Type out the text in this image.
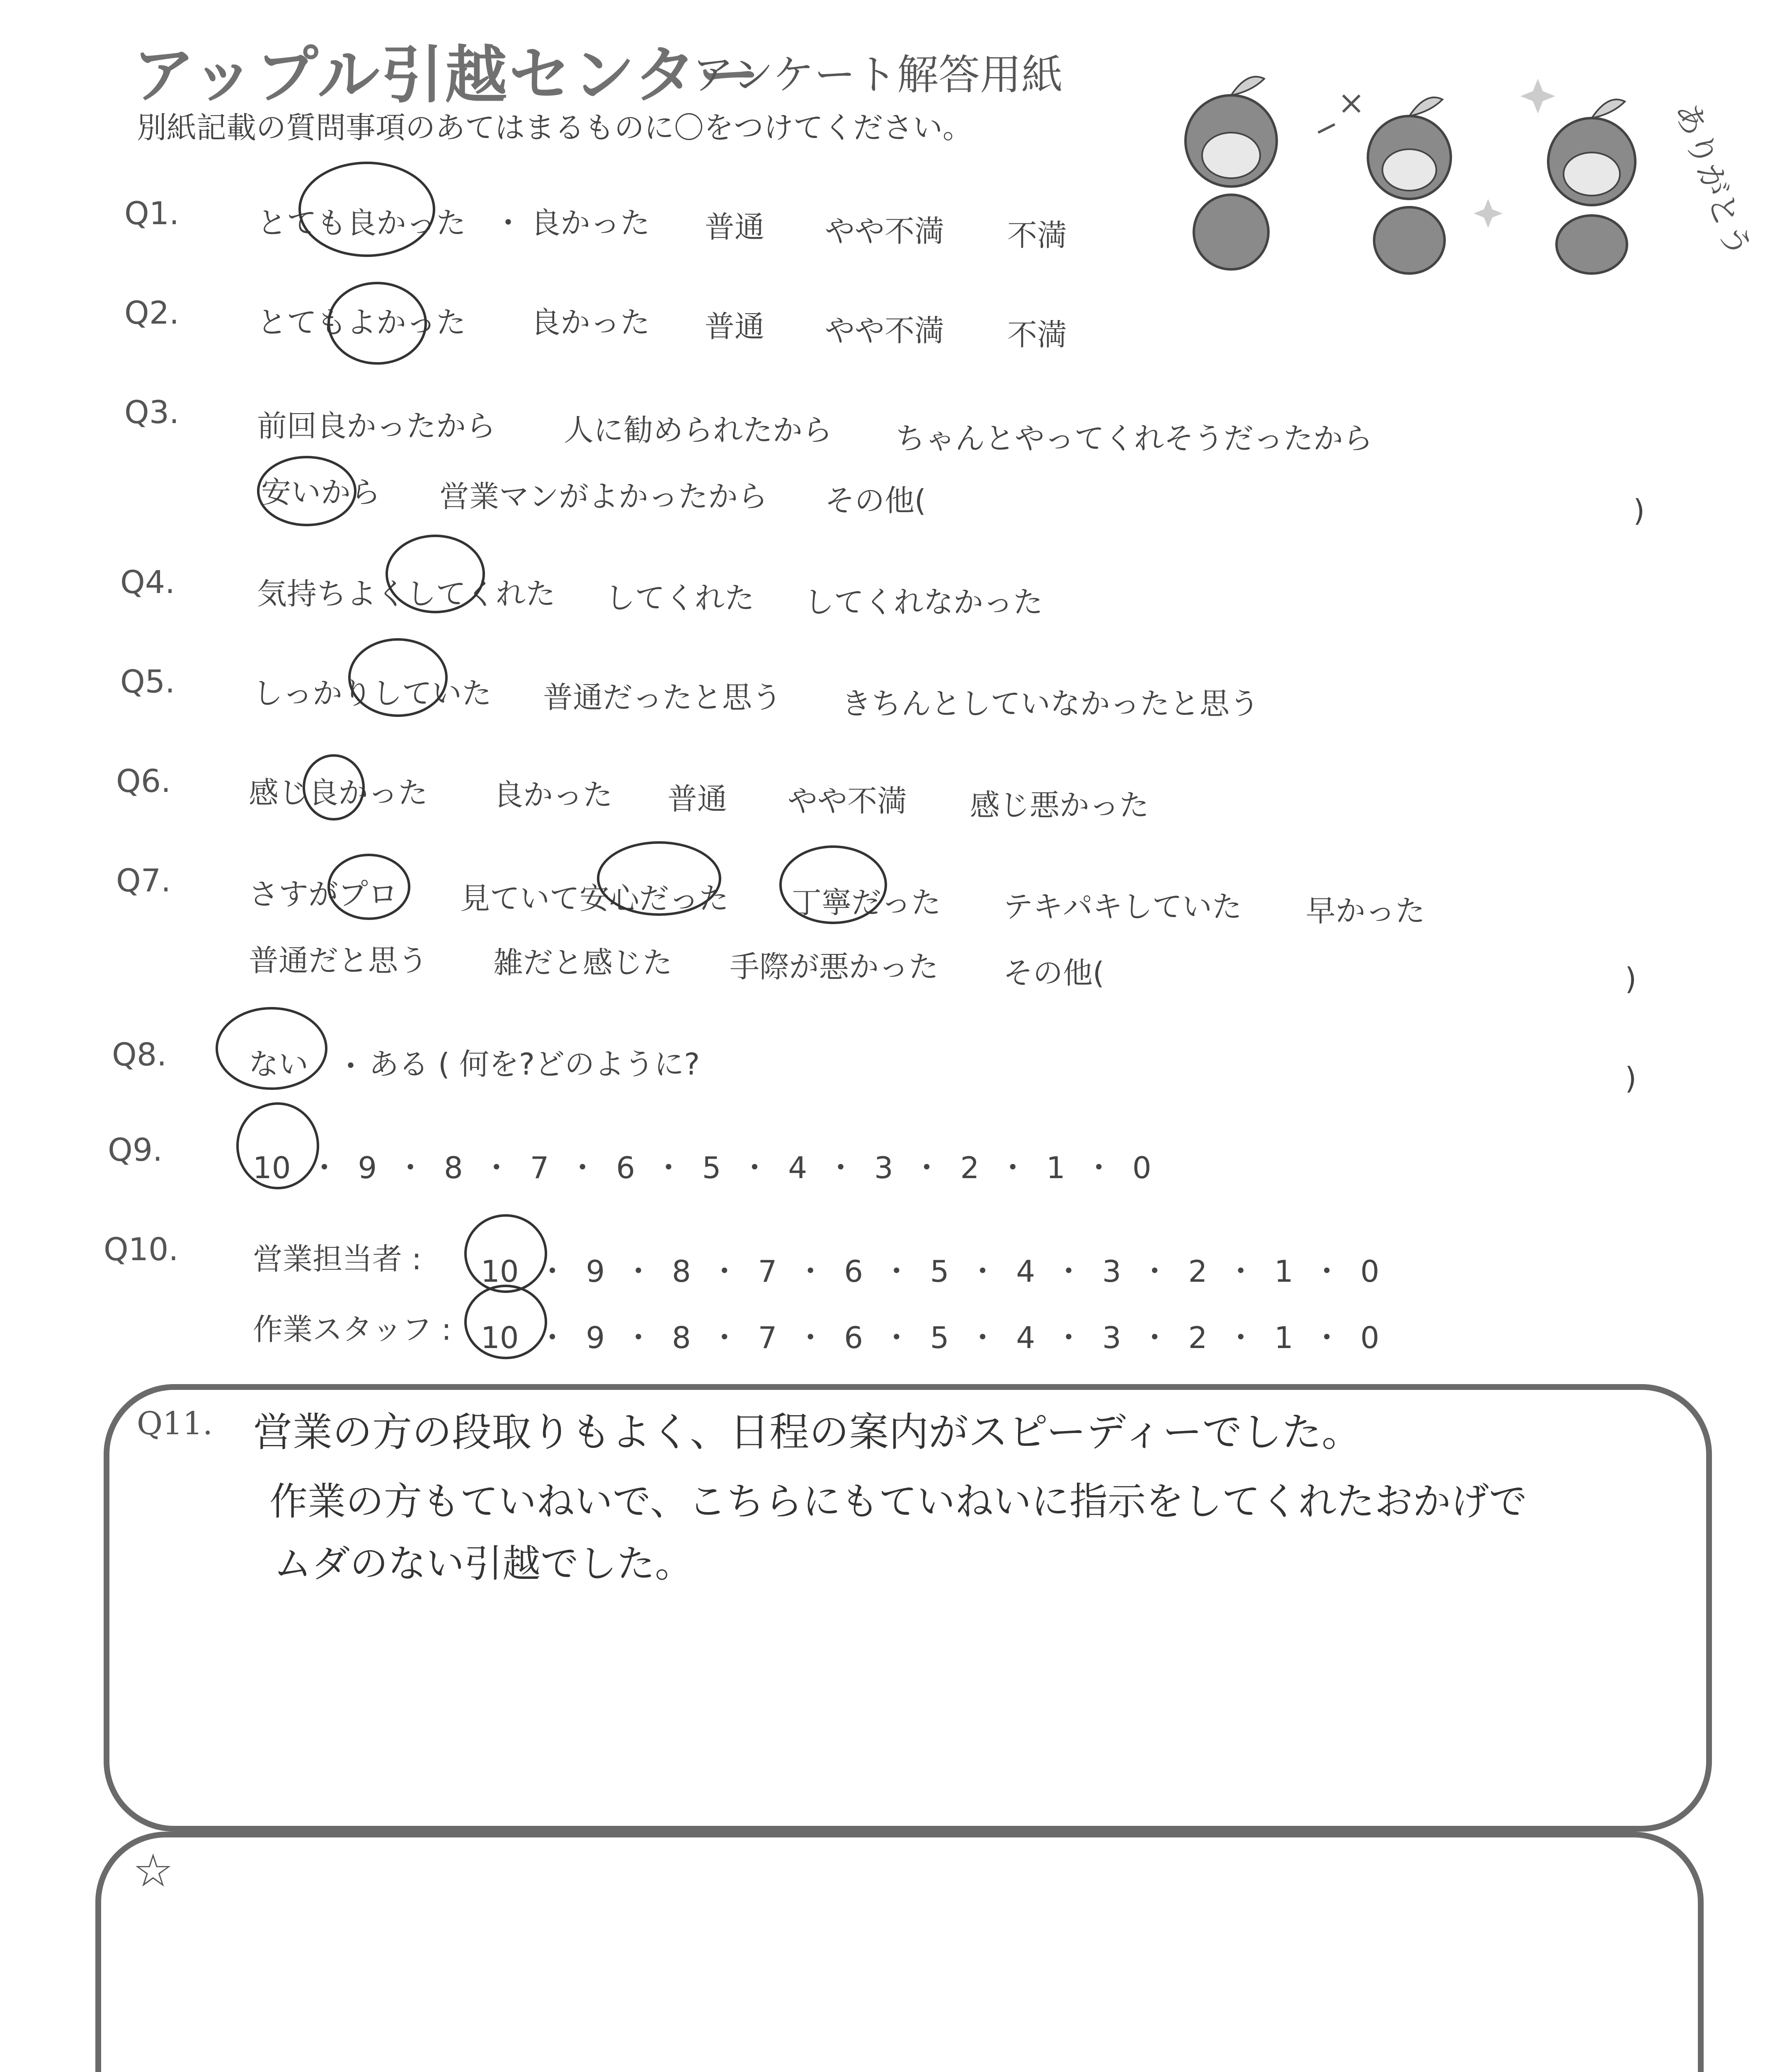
アップル引越センター
アンケート解答用紙
別紙記載の質問事項のあてはまるものに〇をつけてください。	ありがとう
Q1.	とても良かった ・ 良かった 普通 やや不満 不満
Q2.	とてもよかった 良かった 普通 やや不満 不満
Q3.	前回良かったから 人に勧められたから ちゃんとやってくれそうだったから
安いから 営業マンがよかったから その他(	)
Q4.	気持ちよくしてくれた してくれた してくれなかった
Q5.	しっかりしていた 普通だったと思う きちんとしていなかったと思う
Q6.	感じ良かった 良かった 普通 やや不満 感じ悪かった
Q7.	さすがプロ 見ていて安心だった 丁寧だった テキパキしていた 早かった
普通だと思う 雑だと感じた 手際が悪かった その他(	)
Q8.	ない ・ ある ( 何を?どのように?	)
Q9.	10 ・ 9 ・ 8 ・ 7 ・ 6 ・ 5 ・ 4 ・ 3 ・ 2 ・ 1 ・ 0
Q10. 営業担当者 : 10 ・ 9 ・ 8 ・ 7 ・ 6 ・ 5 ・ 4 ・ 3 ・ 2 ・ 1 ・ 0
作業スタッフ : 10 ・ 9 ・ 8 ・ 7 ・ 6 ・ 5 ・ 4 ・ 3 ・ 2 ・ 1 ・ 0
Q11. 営業の方の段取りもよく、日程の案内がスピーディーでした。
作業の方もていねいで、こちらにもていねいに指示をしてくれたおかげで
ムダのない引越でした。
☆
